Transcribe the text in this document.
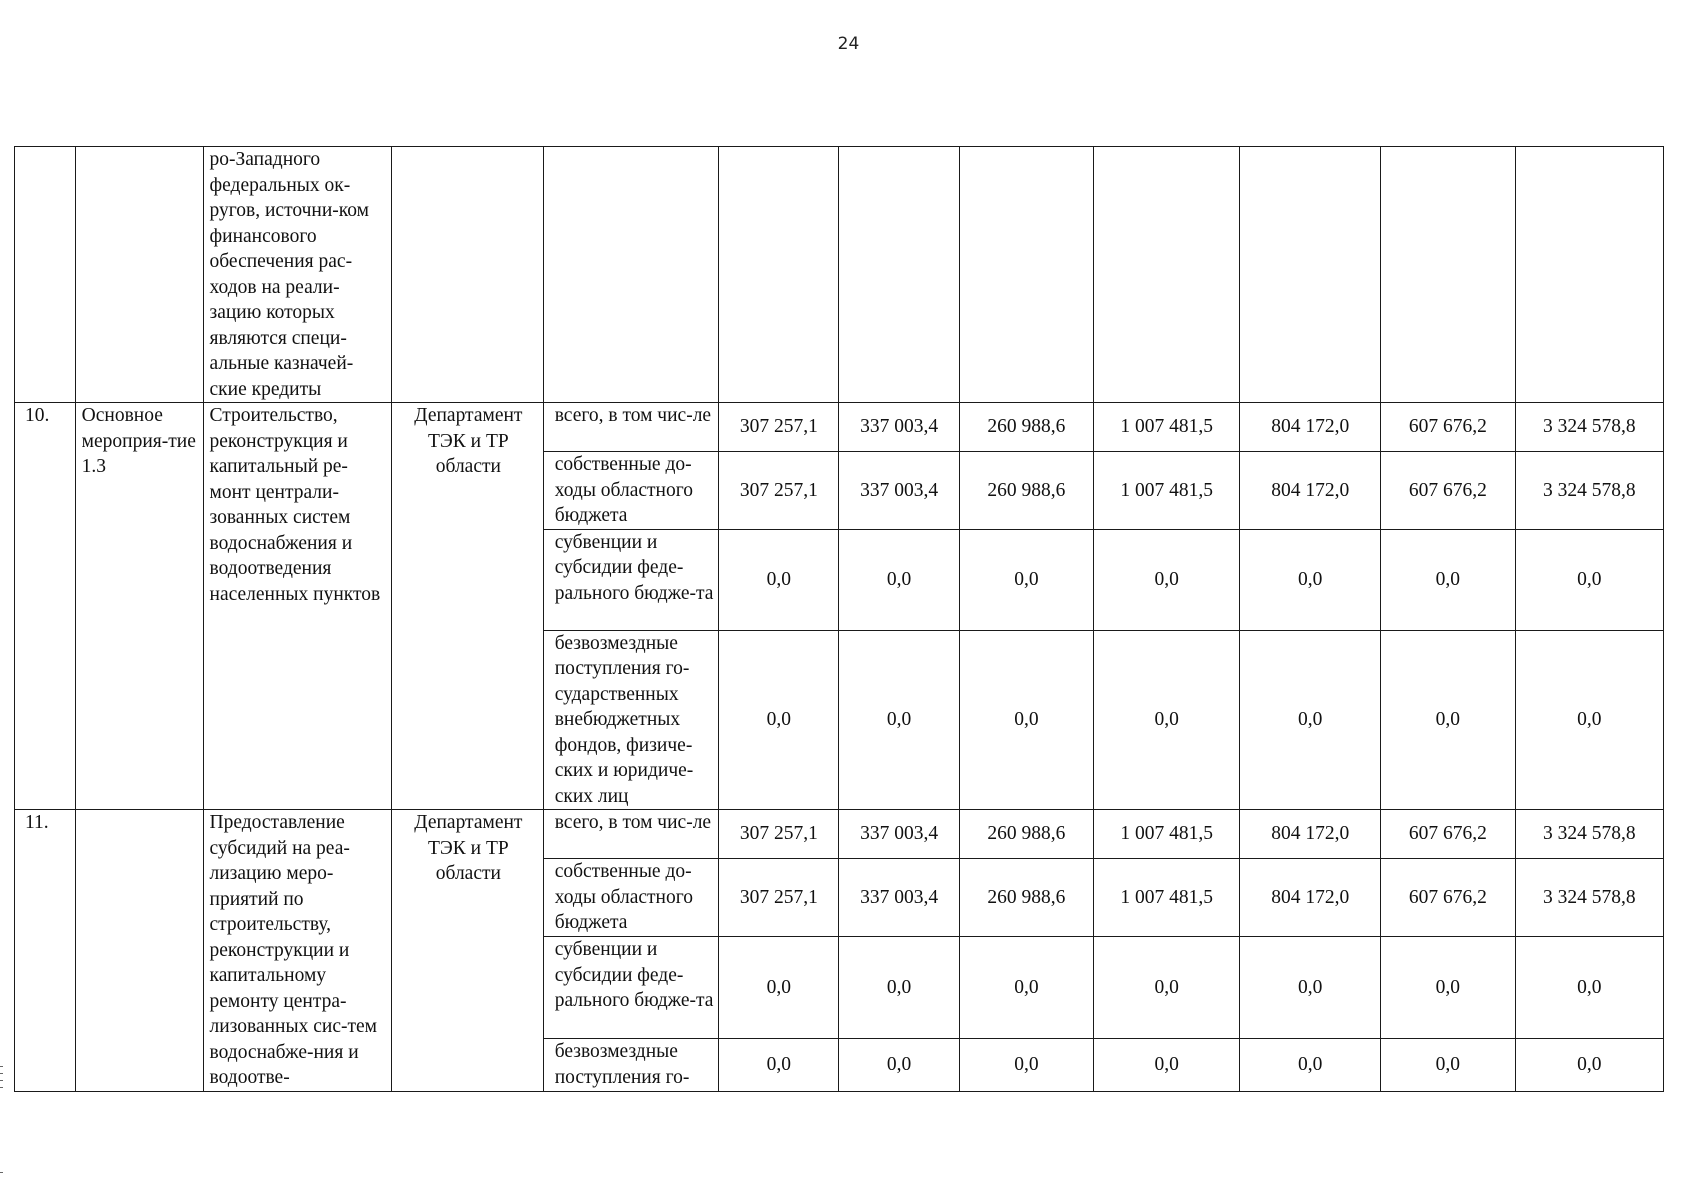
24
		ро-Западного федеральных ок-ругов, источни-ком финансового обеспечения рас-ходов на реали-зацию которых являются специ-альные казначей-ские кредиты									
10.	Основное мероприя-тие 1.3	Строительство, реконструкция и капитальный ре-монт централи-зованных систем водоснабжения и водоотведения населенных пунктов	Департамент ТЭК и ТР области	всего, в том чис-ле	307 257,1	337 003,4	260 988,6	1 007 481,5	804 172,0	607 676,2	3 324 578,8
				собственные до-ходы областного бюджета	307 257,1	337 003,4	260 988,6	1 007 481,5	804 172,0	607 676,2	3 324 578,8
				субвенции и субсидии феде-рального бюдже-та	0,0	0,0	0,0	0,0	0,0	0,0	0,0
				безвозмездные поступления го-сударственных внебюджетных фондов, физиче-ских и юридиче-ских лиц	0,0	0,0	0,0	0,0	0,0	0,0	0,0
11.		Предоставление субсидий на реа-лизацию меро-приятий по строительству, реконструкции и капитальному ремонту центра-лизованных сис-тем водоснабже-ния и водоотве-	Департамент ТЭК и ТР области	всего, в том чис-ле	307 257,1	337 003,4	260 988,6	1 007 481,5	804 172,0	607 676,2	3 324 578,8
				собственные до-ходы областного бюджета	307 257,1	337 003,4	260 988,6	1 007 481,5	804 172,0	607 676,2	3 324 578,8
				субвенции и субсидии феде-рального бюдже-та	0,0	0,0	0,0	0,0	0,0	0,0	0,0
				безвозмездные поступления го-	0,0	0,0	0,0	0,0	0,0	0,0	0,0
